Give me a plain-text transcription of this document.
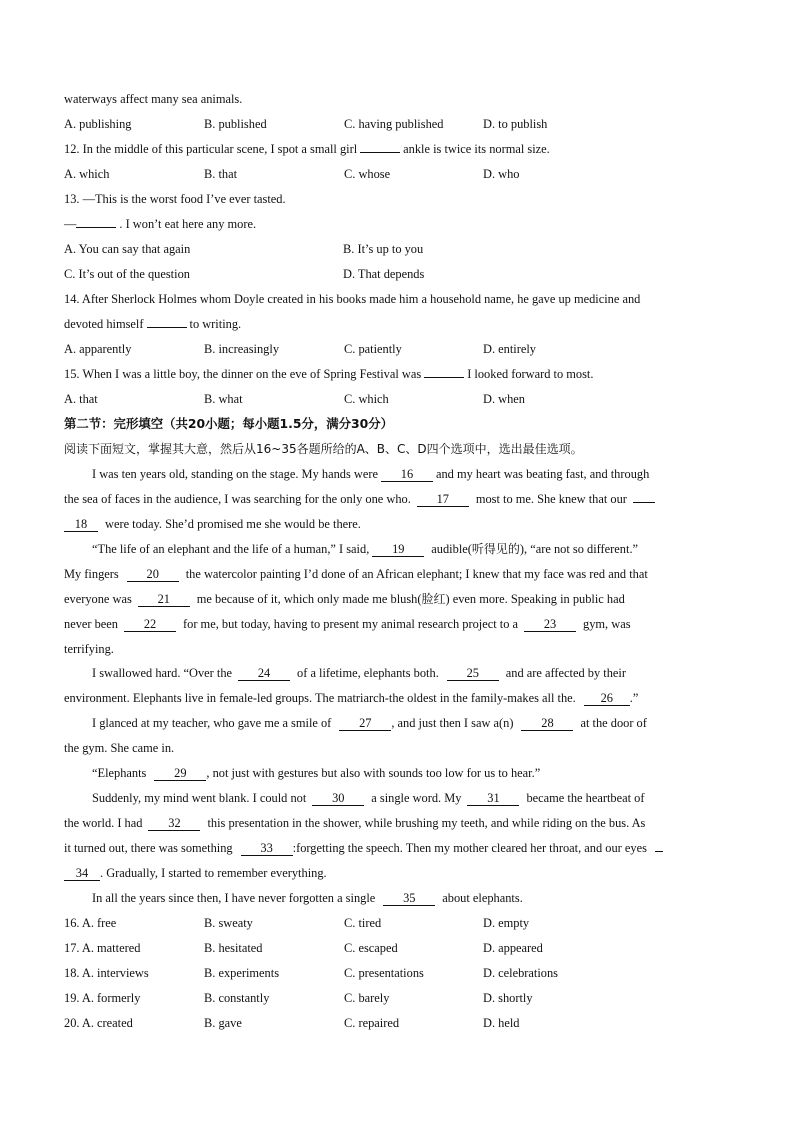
waterways affect many sea animals.
A. publishing	B. published	C. having published	D. to publish
12. In the middle of this particular scene, I spot a small girl	ankle is twice its normal size.
A. which	B. that	C. whose	D. who
13. —This is the worst food I’ve ever tasted.
—	. I won’t eat here any more.
A. You can say that again	B. It’s up to you
C. It’s out of the question	D. That depends
14. After Sherlock Holmes whom Doyle created in his books made him a household name, he gave up medicine and
devoted himself	to writing.
A. apparently	B. increasingly	C. patiently	D. entirely
15. When I was a little boy, the dinner on the eve of Spring Festival was	I looked forward to most.
A. that	B. what	C. which	D. when
第二节：完形填空（共20小题；每小题1.5分，满分30分）
阅读下面短文，掌握其大意，然后从16~35各题所给的A、B、C、D四个选项中，选出最佳选项。
I was ten years old, standing on the stage. My hands were 16 and my heart was beating fast, and through
the sea of faces in the audience, I was searching for the only one who. 17 most to me. She knew that our
18 were today. She’d promised me she would be there.
“The life of an elephant and the life of a human,” I said, 19 audible(听得见的), “are not so different.”
My fingers 20 the watercolor painting I’d done of an African elephant; I knew that my face was red and that
everyone was 21 me because of it, which only made me blush(脸红) even more. Speaking in public had
never been 22 for me, but today, having to present my animal research project to a 23 gym, was
terrifying.
I swallowed hard. “Over the 24 of a lifetime, elephants both. 25 and are affected by their
environment. Elephants live in female-led groups. The matriarch-the oldest in the family-makes all the. 26 .”
I glanced at my teacher, who gave me a smile of 27 , and just then I saw a(n) 28 at the door of
the gym. She came in.
“Elephants 29 , not just with gestures but also with sounds too low for us to hear.”
Suddenly, my mind went blank. I could not 30 a single word. My 31 became the heartbeat of
the world. I had 32 this presentation in the shower, while brushing my teeth, and while riding on the bus. As
it turned out, there was something 33 :forgetting the speech. Then my mother cleared her throat, and our eyes
34 . Gradually, I started to remember everything.
In all the years since then, I have never forgotten a single 35 about elephants.
16. A. free	B. sweaty	C. tired	D. empty
17. A. mattered	B. hesitated	C. escaped	D. appeared
18. A. interviews	B. experiments	C. presentations	D. celebrations
19. A. formerly	B. constantly	C. barely	D. shortly
20. A. created	B. gave	C. repaired	D. held
